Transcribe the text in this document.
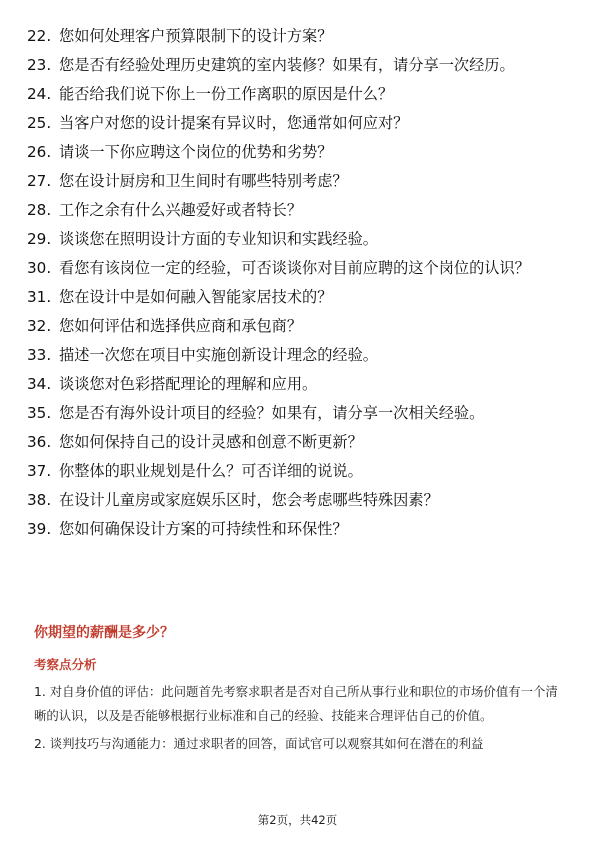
22. 您如何处理客户预算限制下的设计方案？
23. 您是否有经验处理历史建筑的室内装修？如果有，请分享一次经历。
24. 能否给我们说下你上一份工作离职的原因是什么？
25. 当客户对您的设计提案有异议时，您通常如何应对？
26. 请谈一下你应聘这个岗位的优势和劣势？
27. 您在设计厨房和卫生间时有哪些特别考虑？
28. 工作之余有什么兴趣爱好或者特长？
29. 谈谈您在照明设计方面的专业知识和实践经验。
30. 看您有该岗位一定的经验，可否谈谈你对目前应聘的这个岗位的认识？
31. 您在设计中是如何融入智能家居技术的？
32. 您如何评估和选择供应商和承包商？
33. 描述一次您在项目中实施创新设计理念的经验。
34. 谈谈您对色彩搭配理论的理解和应用。
35. 您是否有海外设计项目的经验？如果有，请分享一次相关经验。
36. 您如何保持自己的设计灵感和创意不断更新？
37. 你整体的职业规划是什么？可否详细的说说。
38. 在设计儿童房或家庭娱乐区时，您会考虑哪些特殊因素？
39. 您如何确保设计方案的可持续性和环保性？
你期望的薪酬是多少？
考察点分析
1. 对自身价值的评估：此问题首先考察求职者是否对自己所从事行业和职位的市场价值有一个清晰的认识，以及是否能够根据行业标准和自己的经验、技能来合理评估自己的价值。
2. 谈判技巧与沟通能力：通过求职者的回答，面试官可以观察其如何在潜在的利益
第2页，共42页
